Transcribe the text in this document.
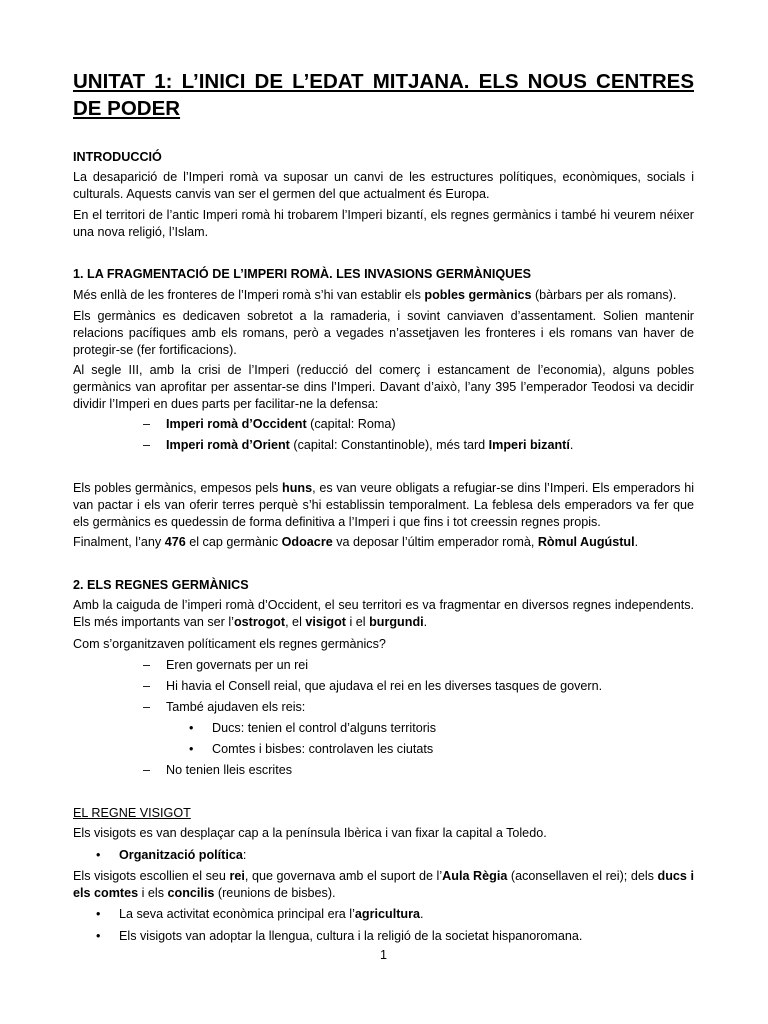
UNITAT 1: L’INICI DE L’EDAT MITJANA. ELS NOUS CENTRES DE PODER
INTRODUCCIÓ

La desaparició de l’Imperi romà va suposar un canvi de les estructures polítiques, econòmiques, socials i culturals. Aquests canvis van ser el germen del que actualment és Europa.

En el territori de l’antic Imperi romà hi trobarem l’Imperi bizantí, els regnes germànics i també hi veurem néixer una nova religió, l’Islam.

1. LA FRAGMENTACIÓ DE L’IMPERI ROMÀ. LES INVASIONS GERMÀNIQUES

Més enllà de les fronteres de l’Imperi romà s’hi van establir els pobles germànics (bàrbars per als romans).

Els germànics es dedicaven sobretot a la ramaderia, i sovint canviaven d’assentament. Solien mantenir relacions pacífiques amb els romans, però a vegades n’assetjaven les fronteres i els romans van haver de protegir-se (fer fortificacions).

Al segle III, amb la crisi de l’Imperi (reducció del comerç i estancament de l’economia), alguns pobles germànics van aprofitar per assentar-se dins l’Imperi. Davant d’això, l’any 395 l’emperador Teodosi va decidir dividir l’Imperi en dues parts per facilitar-ne la defensa:

– Imperi romà d’Occident (capital: Roma)
– Imperi romà d’Orient (capital: Constantinoble), més tard Imperi bizantí.

Els pobles germànics, empesos pels huns, es van veure obligats a refugiar-se dins l’Imperi. Els emperadors hi van pactar i els van oferir terres perquè s’hi establissin temporalment. La feblesa dels emperadors va fer que els germànics es quedessin de forma definitiva a l’Imperi i que fins i tot creessin regnes propis.

Finalment, l’any 476 el cap germànic Odoacre va deposar l’últim emperador romà, Ròmul Augústul.

2. ELS REGNES GERMÀNICS

Amb la caiguda de l’imperi romà d’Occident, el seu territori es va fragmentar en diversos regnes independents. Els més importants van ser l’ostrogot, el visigot i el burgundi.

Com s’organitzaven políticament els regnes germànics?

– Eren governats per un rei
– Hi havia el Consell reial, que ajudava el rei en les diverses tasques de govern.
– També ajudaven els reis:
• Ducs: tenien el control d’alguns territoris
• Comtes i bisbes: controlaven les ciutats
– No tenien lleis escrites
EL REGNE VISIGOT

Els visigots es van desplaçar cap a la península Ibèrica i van fixar la capital a Toledo.

• Organització política:

Els visigots escollien el seu rei, que governava amb el suport de l’Aula Règia (aconsellaven el rei); dels ducs i els comtes i els concilis (reunions de bisbes).

• La seva activitat econòmica principal era l’agricultura.
• Els visigots van adoptar la llengua, cultura i la religió de la societat hispanoromana.
1
